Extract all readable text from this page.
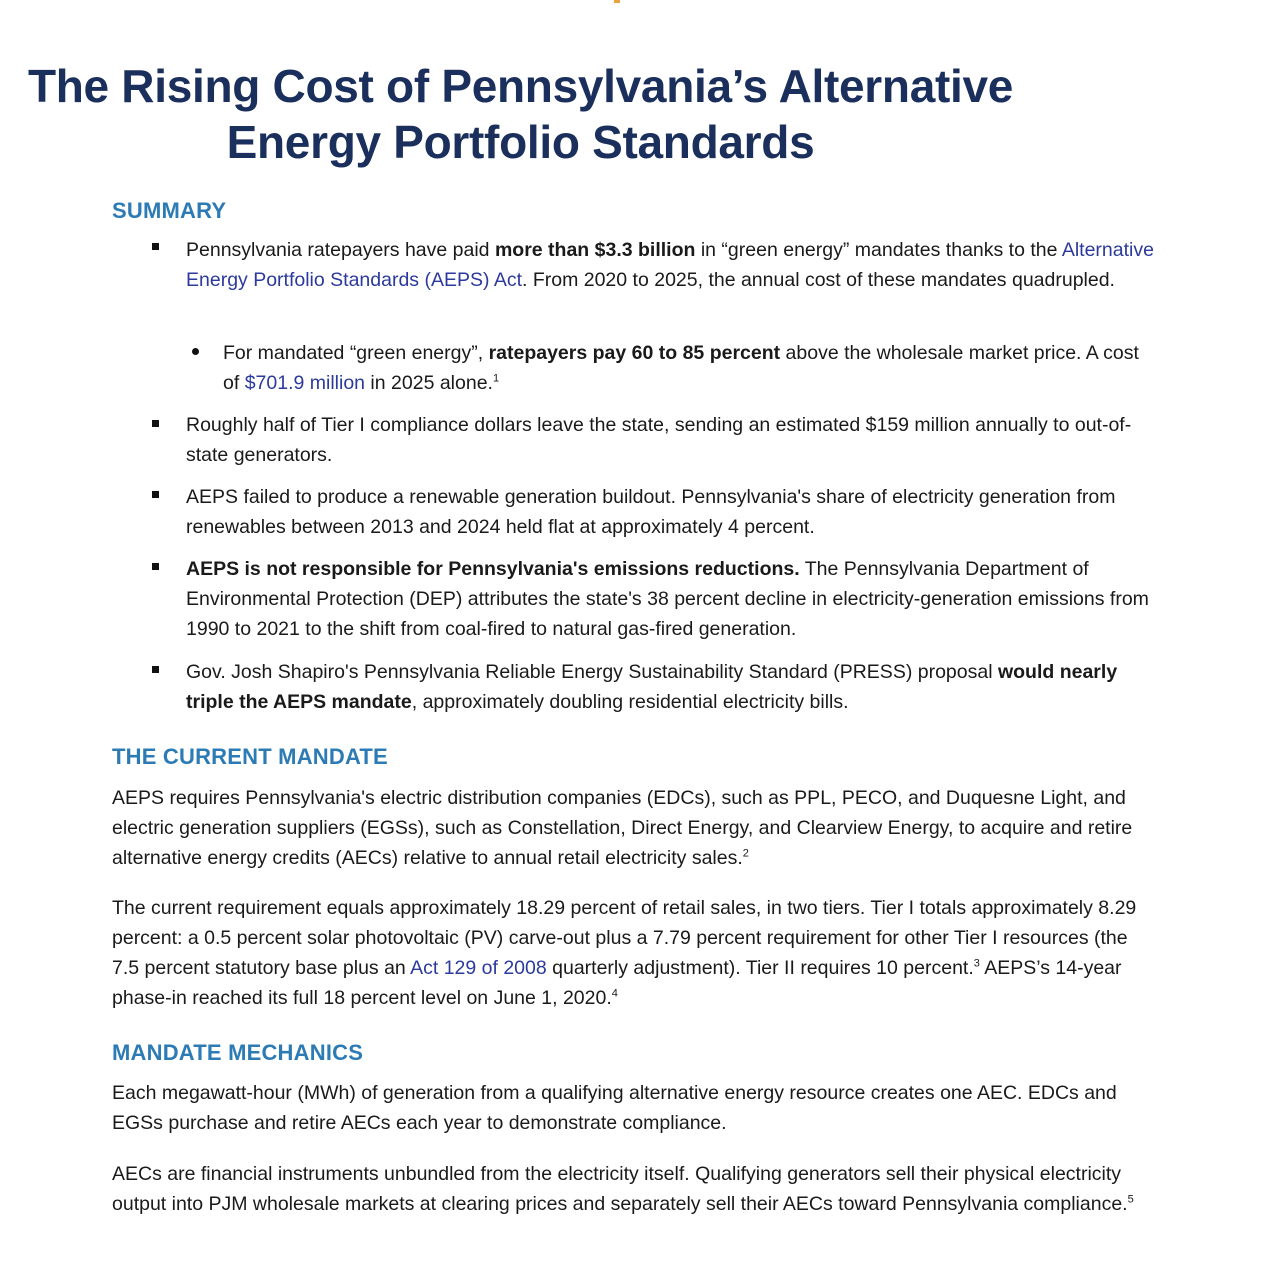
The Rising Cost of Pennsylvania’s Alternative
Energy Portfolio Standards
SUMMARY

Pennsylvania ratepayers have paid more than $3.3 billion in “green energy” mandates thanks to the Alternative Energy Portfolio Standards (AEPS) Act. From 2020 to 2025, the annual cost of these mandates quadrupled.

For mandated “green energy”, ratepayers pay 60 to 85 percent above the wholesale market price. A cost of $701.9 million in 2025 alone.$^1$

Roughly half of Tier I compliance dollars leave the state, sending an estimated $159 million annually to out-of-state generators.

AEPS failed to produce a renewable generation buildout. Pennsylvania's share of electricity generation from renewables between 2013 and 2024 held flat at approximately 4 percent.

AEPS is not responsible for Pennsylvania's emissions reductions. The Pennsylvania Department of Environmental Protection (DEP) attributes the state's 38 percent decline in electricity-generation emissions from 1990 to 2021 to the shift from coal-fired to natural gas-fired generation.

Gov. Josh Shapiro's Pennsylvania Reliable Energy Sustainability Standard (PRESS) proposal would nearly triple the AEPS mandate, approximately doubling residential electricity bills.

THE CURRENT MANDATE

AEPS requires Pennsylvania's electric distribution companies (EDCs), such as PPL, PECO, and Duquesne Light, and electric generation suppliers (EGSs), such as Constellation, Direct Energy, and Clearview Energy, to acquire and retire alternative energy credits (AECs) relative to annual retail electricity sales.$^2$

The current requirement equals approximately 18.29 percent of retail sales, in two tiers. Tier I totals approximately 8.29 percent: a 0.5 percent solar photovoltaic (PV) carve-out plus a 7.79 percent requirement for other Tier I resources (the 7.5 percent statutory base plus an Act 129 of 2008 quarterly adjustment). Tier II requires 10 percent.$^3$ AEPS’s 14-year phase-in reached its full 18 percent level on June 1, 2020.$^4$

MANDATE MECHANICS

Each megawatt-hour (MWh) of generation from a qualifying alternative energy resource creates one AEC. EDCs and EGSs purchase and retire AECs each year to demonstrate compliance.

AECs are financial instruments unbundled from the electricity itself. Qualifying generators sell their physical electricity output into PJM wholesale markets at clearing prices and separately sell their AECs toward Pennsylvania compliance.$^5$
